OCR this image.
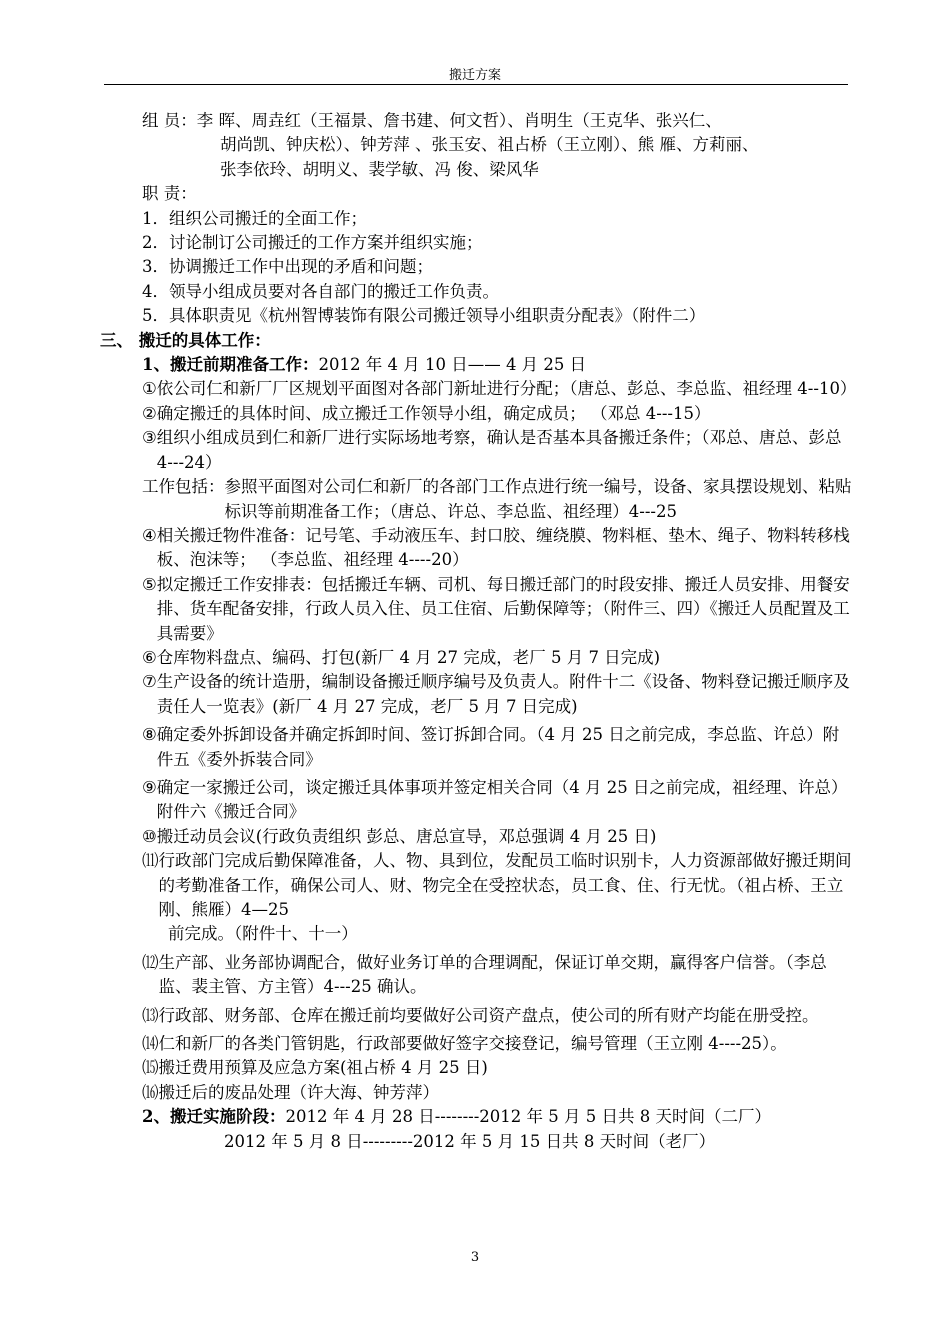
搬迁方案
组 员： 李 晖、周垚红（王福景、詹书建、何文哲）、肖明生（王克华、张兴仁、
胡尚凯、钟庆松）、钟芳萍 、张玉安、祖占桥（王立刚）、熊 雁、方莉丽、
张李依玲、胡明义、裴学敏、冯 俊、梁风华
职 责：
1．组织公司搬迁的全面工作；
2．讨论制订公司搬迁的工作方案并组织实施；
3．协调搬迁工作中出现的矛盾和问题；
4．领导小组成员要对各自部门的搬迁工作负责。
5．具体职责见《杭州智博装饰有限公司搬迁领导小组职责分配表》（附件二）
三、 搬迁的具体工作：
1、搬迁前期准备工作：2012 年 4 月 10 日—— 4 月 25 日
① 依公司仁和新厂厂区规划平面图对各部门新址进行分配；（唐总、彭总、李总监、祖经理 4--10）
② 确定搬迁的具体时间、成立搬迁工作领导小组，确定成员； （邓总 4---15）
③ 组织小组成员到仁和新厂进行实际场地考察，确认是否基本具备搬迁条件；（邓总、唐总、彭总 4---24）
工作包括： 参照平面图对公司仁和新厂的各部门工作点进行统一编号，设备、家具摆设规划、粘贴标识等前期准备工作；（唐总、许总、李总监、祖经理）4---25
④ 相关搬迁物件准备：记号笔、手动液压车、封口胶、缠绕膜、物料框、垫木、绳子、物料转移栈板、泡沫等； （李总监、祖经理 4----20）
⑤ 拟定搬迁工作安排表：包括搬迁车辆、司机、每日搬迁部门的时段安排、搬迁人员安排、用餐安排、货车配备安排，行政人员入住、员工住宿、后勤保障等；（附件三、四）《搬迁人员配置及工具需要》
⑥ 仓库物料盘点、编码、打包(新厂 4 月 27 完成，老厂 5 月 7 日完成)
⑦ 生产设备的统计造册，编制设备搬迁顺序编号及负责人。附件十二《设备、物料登记搬迁顺序及责任人一览表》(新厂 4 月 27 完成，老厂 5 月 7 日完成)
⑧ 确定委外拆卸设备并确定拆卸时间、签订拆卸合同。（4 月 25 日之前完成，李总监、许总）附件五《委外拆装合同》
⑨ 确定一家搬迁公司，谈定搬迁具体事项并签定相关合同（4 月 25 日之前完成，祖经理、许总）附件六《搬迁合同》
⑩ 搬迁动员会议(行政负责组织 彭总、唐总宣导，邓总强调 4 月 25 日)
⑾ 行政部门完成后勤保障准备，人、物、具到位，发配员工临时识别卡，人力资源部做好搬迁期间的考勤准备工作，确保公司人、财、物完全在受控状态，员工食、住、行无忧。（祖占桥、王立刚、熊雁）4—25
前完成。（附件十、十一）
⑿ 生产部、业务部协调配合，做好业务订单的合理调配，保证订单交期，赢得客户信誉。（李总监、裴主管、方主管）4---25 确认。
⒀ 行政部、财务部、仓库在搬迁前均要做好公司资产盘点，使公司的所有财产均能在册受控。
⒁ 仁和新厂的各类门管钥匙，行政部要做好签字交接登记，编号管理（王立刚 4----25）。
⒂ 搬迁费用预算及应急方案(祖占桥 4 月 25 日)
⒃ 搬迁后的废品处理（许大海、钟芳萍）
2、搬迁实施阶段：2012 年 4 月 28 日--------2012 年 5 月 5 日共 8 天时间（二厂）
2012 年 5 月 8 日---------2012 年 5 月 15 日共 8 天时间（老厂）
3
